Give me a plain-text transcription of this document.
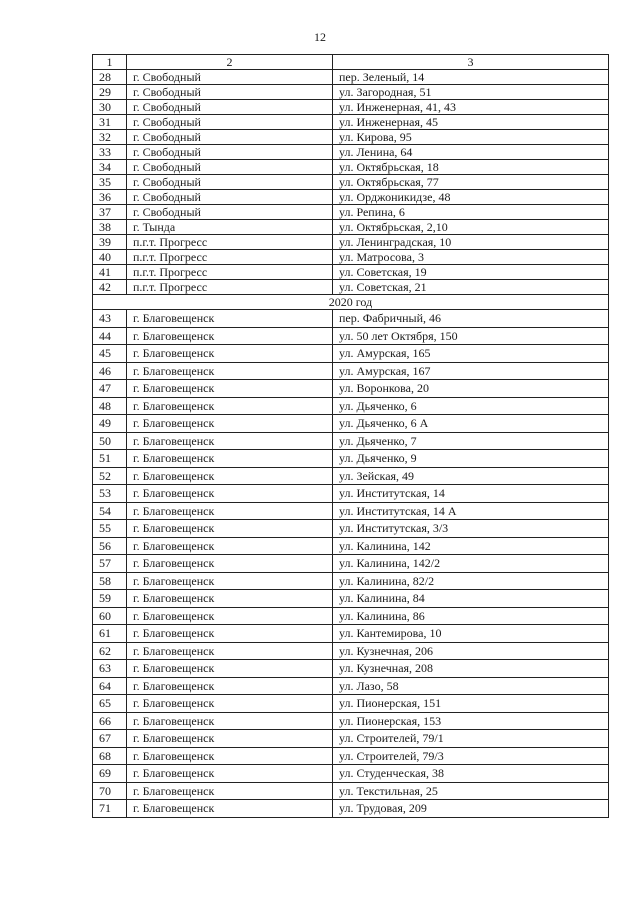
12
1	2	3
28	г. Свободный	пер. Зеленый, 14
29	г. Свободный	ул. Загородная, 51
30	г. Свободный	ул. Инженерная, 41, 43
31	г. Свободный	ул. Инженерная, 45
32	г. Свободный	ул. Кирова, 95
33	г. Свободный	ул. Ленина, 64
34	г. Свободный	ул. Октябрьская, 18
35	г. Свободный	ул. Октябрьская, 77
36	г. Свободный	ул. Орджоникидзе, 48
37	г. Свободный	ул. Репина, 6
38	г. Тында	ул. Октябрьская, 2,10
39	п.г.т. Прогресс	ул. Ленинградская, 10
40	п.г.т. Прогресс	ул. Матросова, 3
41	п.г.т. Прогресс	ул. Советская, 19
42	п.г.т. Прогресс	ул. Советская, 21
2020 год		
43	г. Благовещенск	пер. Фабричный, 46
44	г. Благовещенск	ул. 50 лет Октября, 150
45	г. Благовещенск	ул. Амурская, 165
46	г. Благовещенск	ул. Амурская, 167
47	г. Благовещенск	ул. Воронкова, 20
48	г. Благовещенск	ул. Дьяченко, 6
49	г. Благовещенск	ул. Дьяченко, 6 А
50	г. Благовещенск	ул. Дьяченко, 7
51	г. Благовещенск	ул. Дьяченко, 9
52	г. Благовещенск	ул. Зейская, 49
53	г. Благовещенск	ул. Институтская, 14
54	г. Благовещенск	ул. Институтская, 14 А
55	г. Благовещенск	ул. Институтская, 3/3
56	г. Благовещенск	ул. Калинина, 142
57	г. Благовещенск	ул. Калинина, 142/2
58	г. Благовещенск	ул. Калинина, 82/2
59	г. Благовещенск	ул. Калинина, 84
60	г. Благовещенск	ул. Калинина, 86
61	г. Благовещенск	ул. Кантемирова, 10
62	г. Благовещенск	ул. Кузнечная, 206
63	г. Благовещенск	ул. Кузнечная, 208
64	г. Благовещенск	ул. Лазо, 58
65	г. Благовещенск	ул. Пионерская, 151
66	г. Благовещенск	ул. Пионерская, 153
67	г. Благовещенск	ул. Строителей, 79/1
68	г. Благовещенск	ул. Строителей, 79/3
69	г. Благовещенск	ул. Студенческая, 38
70	г. Благовещенск	ул. Текстильная, 25
71	г. Благовещенск	ул. Трудовая, 209
